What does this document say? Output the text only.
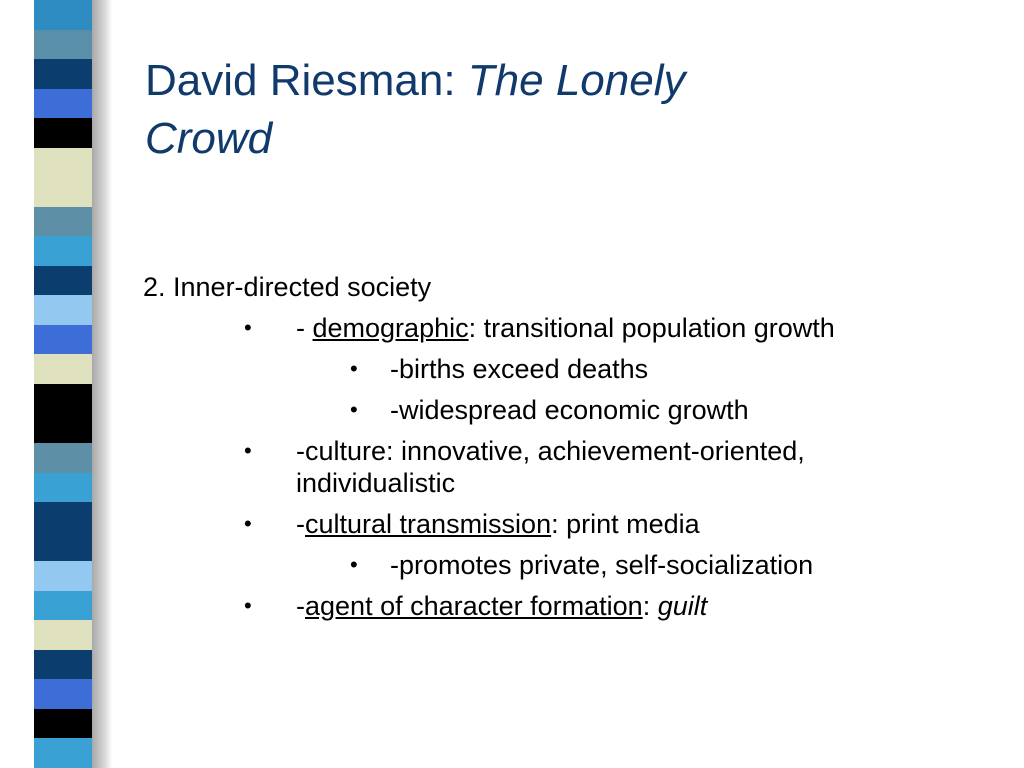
David Riesman: The Lonely
Crowd
2. Inner-directed society
• - demographic: transitional population growth
• -births exceed deaths
• -widespread economic growth
• -culture: innovative, achievement-oriented,
individualistic
• -cultural transmission: print media
• -promotes private, self-socialization
• -agent of character formation: guilt
